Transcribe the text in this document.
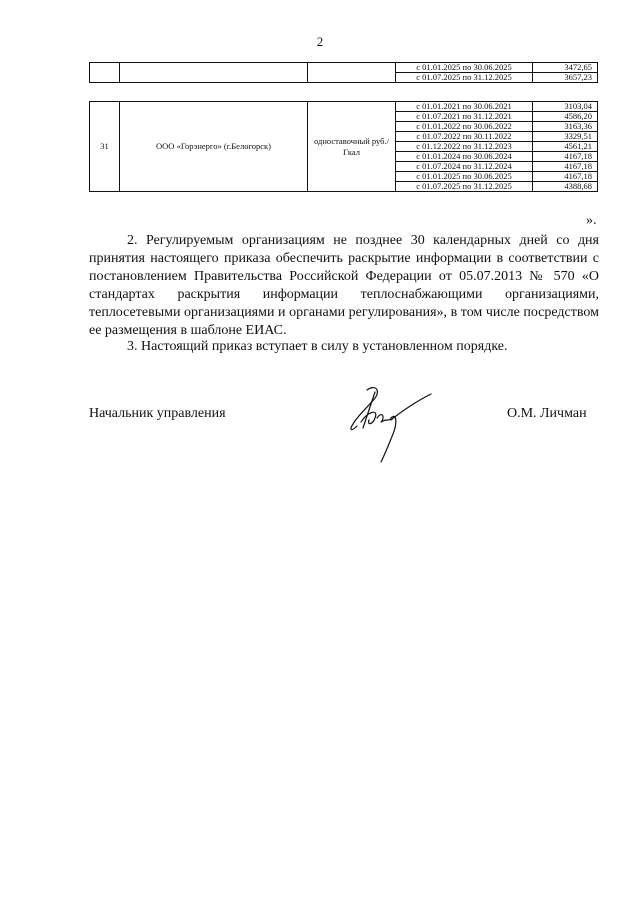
2
			с 01.01.2025 по 30.06.2025	3472,65
			с 01.07.2025 по 31.12.2025	3657,23
31	ООО «Горэнерго» (г.Белогорск)	одноставочный руб./Гкал	с 01.01.2021 по 30.06.2021	3103,04
			с 01.07.2021 по 31.12.2021	4586,20
			с 01.01.2022 по 30.06.2022	3163,36
			с 01.07.2022 по 30.11.2022	3329,51
			с 01.12.2022 по 31.12.2023	4561,21
			с 01.01.2024 по 30.06.2024	4167,18
			с 01.07.2024 по 31.12.2024	4167,18
			с 01.01.2025 по 30.06.2025	4167,18
			с 01.07.2025 по 31.12.2025	4388,68
».

2. Регулируемым организациям не позднее 30 календарных дней со дня принятия настоящего приказа обеспечить раскрытие информации в соответствии с постановлением Правительства Российской Федерации от 05.07.2013 № 570 «О стандартах раскрытия информации теплоснабжающими организациями, теплосетевыми организациями и органами регулирования», в том числе посредством ее размещения в шаблоне ЕИАС.

3. Настоящий приказ вступает в силу в установленном порядке.

Начальник управления	О.М. Личман
